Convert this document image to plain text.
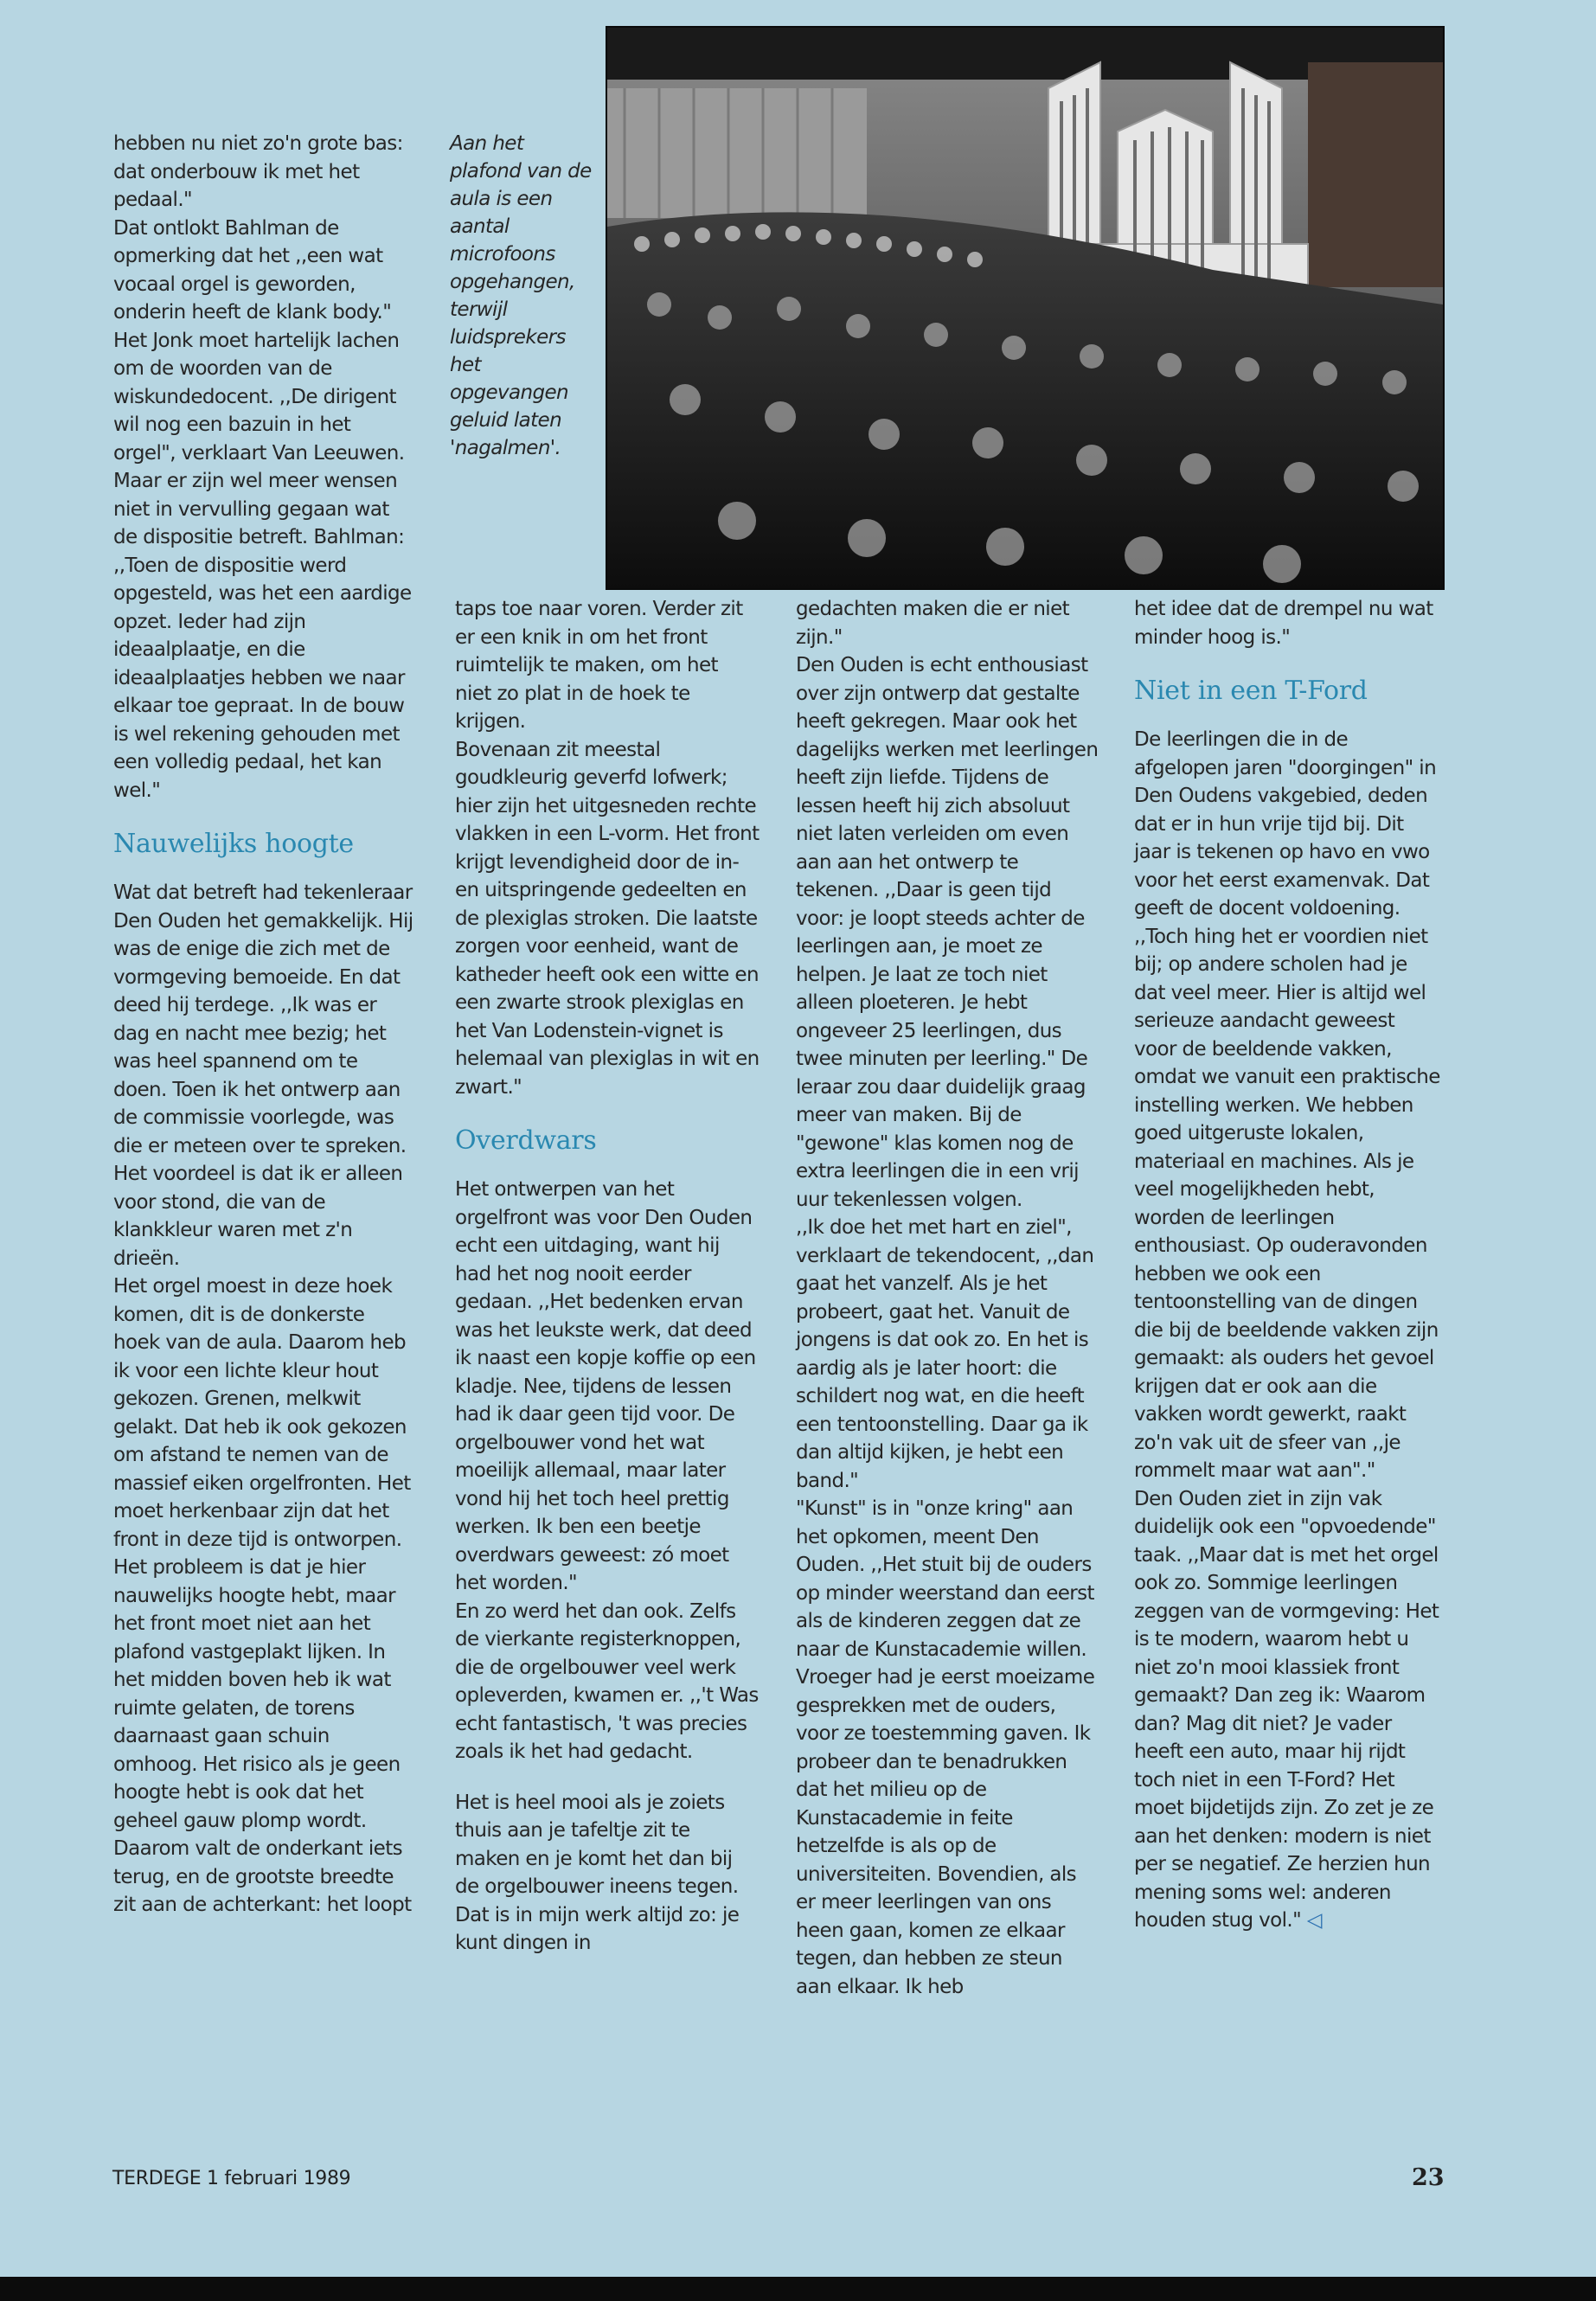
Aan het plafond van de aula is een aantal microfoons opgehangen, terwijl luidsprekers het opgevangen geluid laten 'nagalmen'.

hebben nu niet zo'n grote bas: dat onderbouw ik met het pedaal."

Dat ontlokt Bahlman de opmerking dat het ,,een wat vocaal orgel is geworden, onderin heeft de klank body." Het Jonk moet hartelijk lachen om de woorden van de wiskundedocent. ,,De dirigent wil nog een bazuin in het orgel", verklaart Van Leeuwen. Maar er zijn wel meer wensen niet in vervulling gegaan wat de dispositie betreft. Bahlman: ,,Toen de dispositie werd opgesteld, was het een aardige opzet. Ieder had zijn ideaalplaatje, en die ideaalplaatjes hebben we naar elkaar toe gepraat. In de bouw is wel rekening gehouden met een volledig pedaal, het kan wel."

Nauwelijks hoogte

Wat dat betreft had tekenleraar Den Ouden het gemakkelijk. Hij was de enige die zich met de vormgeving bemoeide. En dat deed hij terdege. ,,Ik was er dag en nacht mee bezig; het was heel spannend om te doen. Toen ik het ontwerp aan de commissie voorlegde, was die er meteen over te spreken. Het voordeel is dat ik er alleen voor stond, die van de klankkleur waren met z'n drieën.

Het orgel moest in deze hoek komen, dit is de donkerste hoek van de aula. Daarom heb ik voor een lichte kleur hout gekozen. Grenen, melkwit gelakt. Dat heb ik ook gekozen om afstand te nemen van de massief eiken orgelfronten. Het moet herkenbaar zijn dat het front in deze tijd is ontworpen.

Het probleem is dat je hier nauwelijks hoogte hebt, maar het front moet niet aan het plafond vastgeplakt lijken. In het midden boven heb ik wat ruimte gelaten, de torens daarnaast gaan schuin omhoog. Het risico als je geen hoogte hebt is ook dat het geheel gauw plomp wordt. Daarom valt de onderkant iets terug, en de grootste breedte zit aan de achterkant: het loopt

taps toe naar voren. Verder zit er een knik in om het front ruimtelijk te maken, om het niet zo plat in de hoek te krijgen.

Bovenaan zit meestal goudkleurig geverfd lofwerk; hier zijn het uitgesneden rechte vlakken in een L-vorm. Het front krijgt levendigheid door de in- en uitspringende gedeelten en de plexiglas stroken. Die laatste zorgen voor eenheid, want de katheder heeft ook een witte en een zwarte strook plexiglas en het Van Lodenstein-vignet is helemaal van plexiglas in wit en zwart."

Overdwars

Het ontwerpen van het orgelfront was voor Den Ouden echt een uitdaging, want hij had het nog nooit eerder gedaan. ,,Het bedenken ervan was het leukste werk, dat deed ik naast een kopje koffie op een kladje. Nee, tijdens de lessen had ik daar geen tijd voor. De orgelbouwer vond het wat moeilijk allemaal, maar later vond hij het toch heel prettig werken. Ik ben een beetje overdwars geweest: zó moet het worden."

En zo werd het dan ook. Zelfs de vierkante registerknoppen, die de orgelbouwer veel werk opleverden, kwamen er. ,,'t Was echt fantastisch, 't was precies zoals ik het had gedacht.

Het is heel mooi als je zoiets thuis aan je tafeltje zit te maken en je komt het dan bij de orgelbouwer ineens tegen. Dat is in mijn werk altijd zo: je kunt dingen in

gedachten maken die er niet zijn."

Den Ouden is echt enthousiast over zijn ontwerp dat gestalte heeft gekregen. Maar ook het dagelijks werken met leerlingen heeft zijn liefde. Tijdens de lessen heeft hij zich absoluut niet laten verleiden om even aan aan het ontwerp te tekenen. ,,Daar is geen tijd voor: je loopt steeds achter de leerlingen aan, je moet ze helpen. Je laat ze toch niet alleen ploeteren. Je hebt ongeveer 25 leerlingen, dus twee minuten per leerling." De leraar zou daar duidelijk graag meer van maken. Bij de "gewone" klas komen nog de extra leerlingen die in een vrij uur tekenlessen volgen.

,,Ik doe het met hart en ziel", verklaart de tekendocent, ,,dan gaat het vanzelf. Als je het probeert, gaat het. Vanuit de jongens is dat ook zo. En het is aardig als je later hoort: die schildert nog wat, en die heeft een tentoonstelling. Daar ga ik dan altijd kijken, je hebt een band."

"Kunst" is in "onze kring" aan het opkomen, meent Den Ouden. ,,Het stuit bij de ouders op minder weerstand dan eerst als de kinderen zeggen dat ze naar de Kunstacademie willen. Vroeger had je eerst moeizame gesprekken met de ouders, voor ze toestemming gaven. Ik probeer dan te benadrukken dat het milieu op de Kunstacademie in feite hetzelfde is als op de universiteiten. Bovendien, als er meer leerlingen van ons heen gaan, komen ze elkaar tegen, dan hebben ze steun aan elkaar. Ik heb

het idee dat de drempel nu wat minder hoog is."

Niet in een T-Ford

De leerlingen die in de afgelopen jaren "doorgingen" in Den Oudens vakgebied, deden dat er in hun vrije tijd bij. Dit jaar is tekenen op havo en vwo voor het eerst examenvak. Dat geeft de docent voldoening. ,,Toch hing het er voordien niet bij; op andere scholen had je dat veel meer. Hier is altijd wel serieuze aandacht geweest voor de beeldende vakken, omdat we vanuit een praktische instelling werken. We hebben goed uitgeruste lokalen, materiaal en machines. Als je veel mogelijkheden hebt, worden de leerlingen enthousiast. Op ouderavonden hebben we ook een tentoonstelling van de dingen die bij de beeldende vakken zijn gemaakt: als ouders het gevoel krijgen dat er ook aan die vakken wordt gewerkt, raakt zo'n vak uit de sfeer van ,,je rommelt maar wat aan"."

Den Ouden ziet in zijn vak duidelijk ook een "opvoedende" taak. ,,Maar dat is met het orgel ook zo. Sommige leerlingen zeggen van de vormgeving: Het is te modern, waarom hebt u niet zo'n mooi klassiek front gemaakt? Dan zeg ik: Waarom dan? Mag dit niet? Je vader heeft een auto, maar hij rijdt toch niet in een T-Ford? Het moet bijdetijds zijn. Zo zet je ze aan het denken: modern is niet per se negatief. Ze herzien hun mening soms wel: anderen houden stug vol." ◁

TERDEGE 1 februari 1989	23
